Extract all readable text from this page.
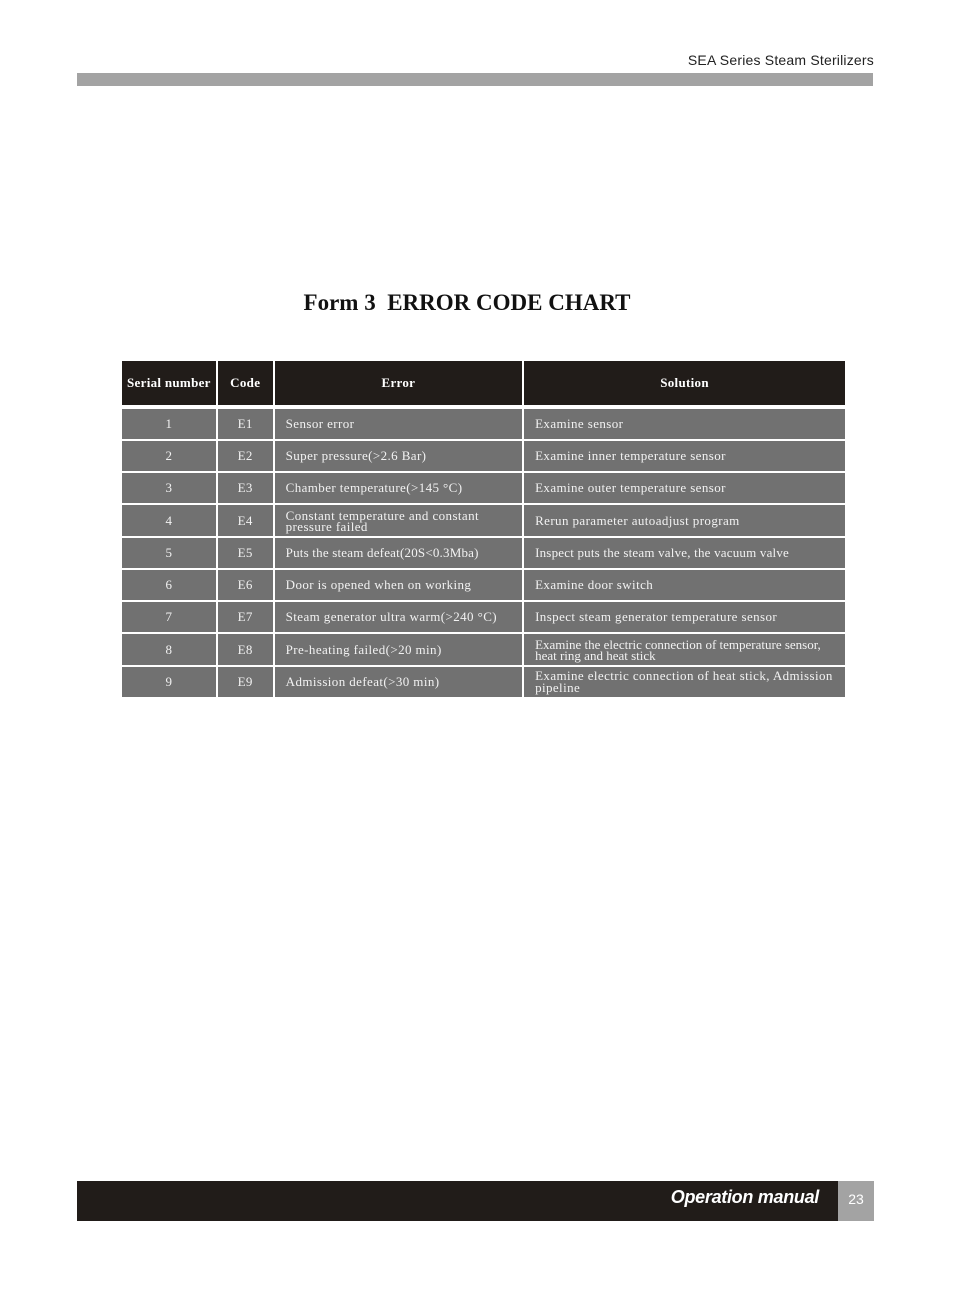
SEA Series Steam Sterilizers
Form 3  ERROR CODE CHART
Serial number	Code	Error	Solution

1	E1	Sensor error	Examine sensor
2	E2	Super pressure(>2.6 Bar)	Examine inner temperature sensor
3	E3	Chamber temperature(>145 °C)	Examine outer temperature sensor
4	E4	Constant temperature and constant pressure failed	Rerun parameter autoadjust program
5	E5	Puts the steam defeat(20S<0.3Mba)	Inspect puts the steam valve, the vacuum valve
6	E6	Door is opened when on working	Examine door switch
7	E7	Steam generator ultra warm(>240 °C)	Inspect steam generator temperature sensor
8	E8	Pre-heating failed(>20 min)	Examine the electric connection of temperature sensor, heat ring and heat stick
9	E9	Admission defeat(>30 min)	Examine electric connection of heat stick, Admission pipeline
Operation manual	23
